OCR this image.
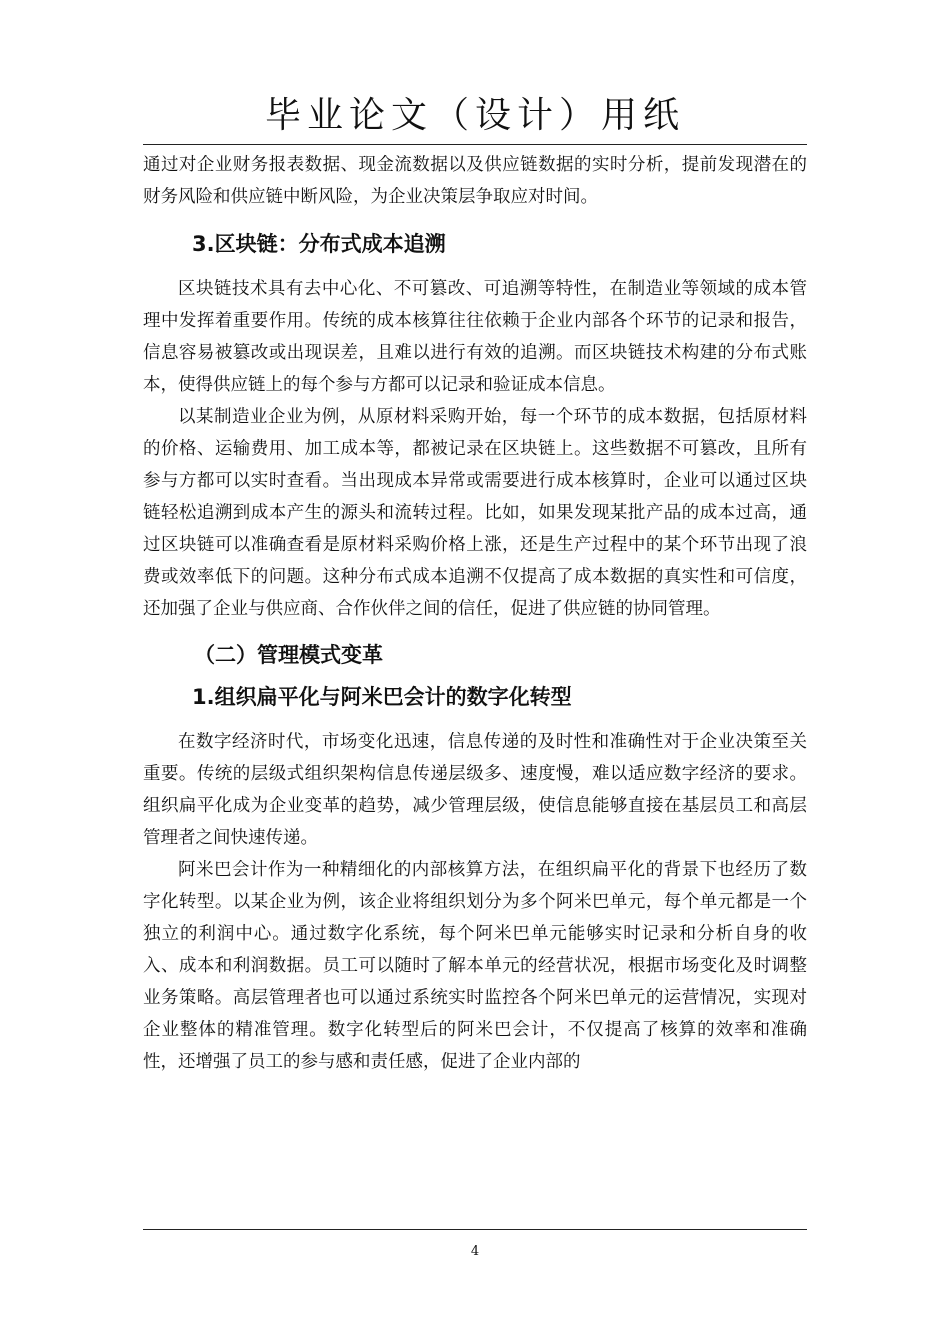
毕业论文（设计）用纸

通过对企业财务报表数据、现金流数据以及供应链数据的实时分析，提前发现潜在的财务风险和供应链中断风险，为企业决策层争取应对时间。

3.区块链：分布式成本追溯

区块链技术具有去中心化、不可篡改、可追溯等特性，在制造业等领域的成本管理中发挥着重要作用。传统的成本核算往往依赖于企业内部各个环节的记录和报告，信息容易被篡改或出现误差，且难以进行有效的追溯。而区块链技术构建的分布式账本，使得供应链上的每个参与方都可以记录和验证成本信息。

以某制造业企业为例，从原材料采购开始，每一个环节的成本数据，包括原材料的价格、运输费用、加工成本等，都被记录在区块链上。这些数据不可篡改，且所有参与方都可以实时查看。当出现成本异常或需要进行成本核算时，企业可以通过区块链轻松追溯到成本产生的源头和流转过程。比如，如果发现某批产品的成本过高，通过区块链可以准确查看是原材料采购价格上涨，还是生产过程中的某个环节出现了浪费或效率低下的问题。这种分布式成本追溯不仅提高了成本数据的真实性和可信度，还加强了企业与供应商、合作伙伴之间的信任，促进了供应链的协同管理。

（二）管理模式变革
1.组织扁平化与阿米巴会计的数字化转型

在数字经济时代，市场变化迅速，信息传递的及时性和准确性对于企业决策至关重要。传统的层级式组织架构信息传递层级多、速度慢，难以适应数字经济的要求。组织扁平化成为企业变革的趋势，减少管理层级，使信息能够直接在基层员工和高层管理者之间快速传递。

阿米巴会计作为一种精细化的内部核算方法，在组织扁平化的背景下也经历了数字化转型。以某企业为例，该企业将组织划分为多个阿米巴单元，每个单元都是一个独立的利润中心。通过数字化系统，每个阿米巴单元能够实时记录和分析自身的收入、成本和利润数据。员工可以随时了解本单元的经营状况，根据市场变化及时调整业务策略。高层管理者也可以通过系统实时监控各个阿米巴单元的运营情况，实现对企业整体的精准管理。数字化转型后的阿米巴会计，不仅提高了核算的效率和准确性，还增强了员工的参与感和责任感，促进了企业内部的

4
